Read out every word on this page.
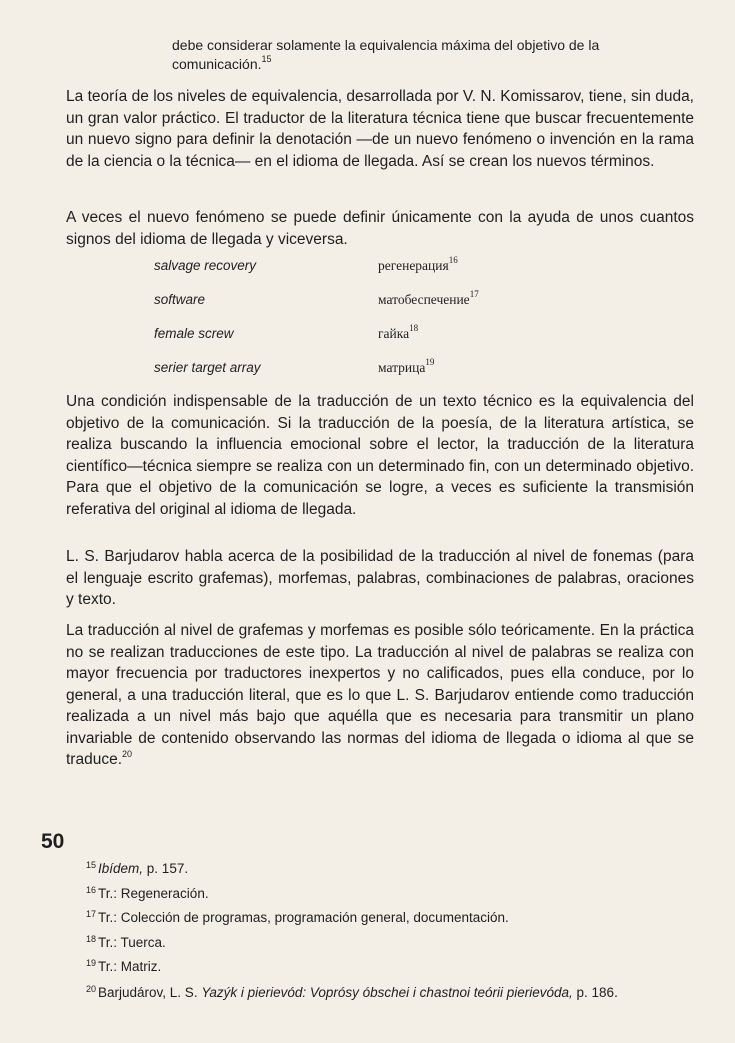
debe considerar solamente la equivalencia máxima del objetivo de la comunicación.$^{15}$
La teoría de los niveles de equivalencia, desarrollada por V. N. Komissarov, tiene, sin duda, un gran valor práctico. El traductor de la literatura técnica tiene que buscar frecuentemente un nuevo signo para definir la denotación —de un nuevo fenómeno o invención en la rama de la ciencia o la técnica— en el idioma de llegada. Así se crean los nuevos términos.
A veces el nuevo fenómeno se puede definir únicamente con la ayuda de unos cuantos signos del idioma de llegada y viceversa.
salvage recovery	регенерация$^{16}$
software	матобеспечение$^{17}$
female screw	гайка$^{18}$
serier target array	матрица$^{19}$
Una condición indispensable de la traducción de un texto técnico es la equivalencia del objetivo de la comunicación. Si la traducción de la poesía, de la literatura artística, se realiza buscando la influencia emocional sobre el lector, la traducción de la literatura científico—técnica siempre se realiza con un determinado fin, con un determinado objetivo. Para que el objetivo de la comunicación se logre, a veces es suficiente la transmisión referativa del original al idioma de llegada.
L. S. Barjudarov habla acerca de la posibilidad de la traducción al nivel de fonemas (para el lenguaje escrito grafemas), morfemas, palabras, combinaciones de palabras, oraciones y texto.
La traducción al nivel de grafemas y morfemas es posible sólo teóricamente. En la práctica no se realizan traducciones de este tipo. La traducción al nivel de palabras se realiza con mayor frecuencia por traductores inexpertos y no calificados, pues ella conduce, por lo general, a una traducción literal, que es lo que L. S. Barjudarov entiende como traducción realizada a un nivel más bajo que aquélla que es necesaria para transmitir un plano invariable de contenido observando las normas del idioma de llegada o idioma al que se traduce.$^{20}$
50

$^{15}$ Ibídem, p. 157.

$^{16}$ Tr.: Regeneración.

$^{17}$ Tr.: Colección de programas, programación general, documentación.

$^{18}$ Tr.: Tuerca.

$^{19}$ Tr.: Matriz.

$^{20}$ Barjudárov, L. S. Yazýk i pierievód: Voprósy óbschei i chastnoi teórii pierievóda, p. 186.
